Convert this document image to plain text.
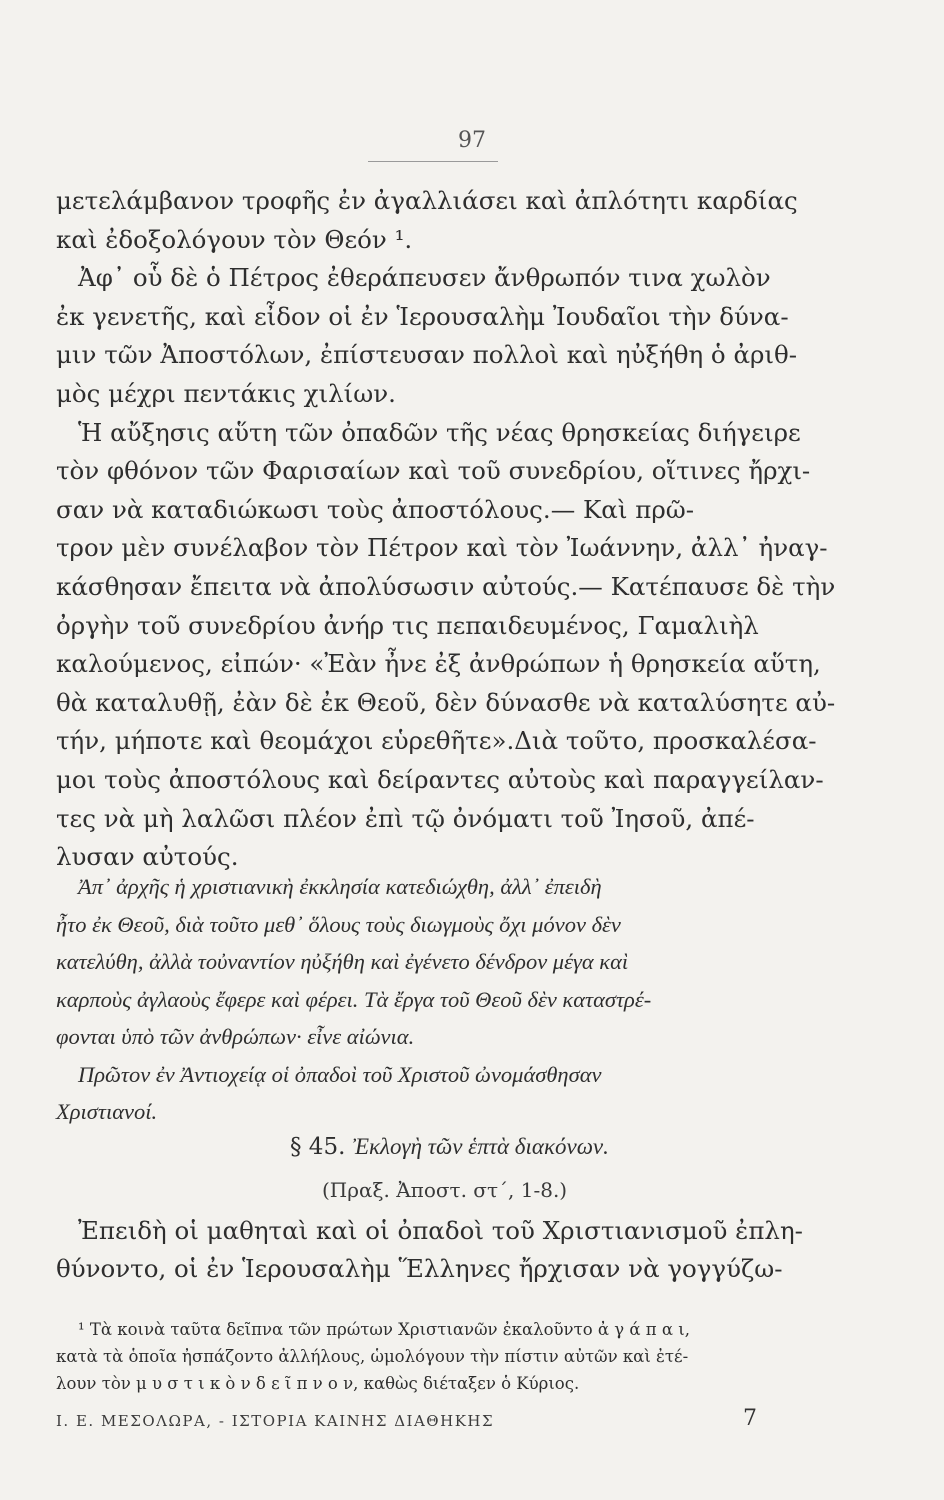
97
μετελάμβανον τροφῆς ἐν ἀγαλλιάσει καὶ ἀπλότητι καρδίας
καὶ ἐδοξολόγουν τὸν Θεόν ¹.
Ἀφ᾽ οὗ δὲ ὁ Πέτρος ἐθεράπευσεν ἄνθρωπόν τινα χωλὸν
ἐκ γενετῆς, καὶ εἶδον οἱ ἐν Ἱερουσαλὴμ Ἰουδαῖοι τὴν δύνα-
μιν τῶν Ἀποστόλων, ἐπίστευσαν πολλοὶ καὶ ηὐξήθη ὁ ἀριθ-
μὸς μέχρι πεντάκις χιλίων.
Ἡ αὔξησις αὕτη τῶν ὀπαδῶν τῆς νέας θρησκείας διήγειρε
τὸν φθόνον τῶν Φαρισαίων καὶ τοῦ συνεδρίου, οἵτινες ἤρχι-
σαν νὰ καταδιώκωσι τοὺς ἀποστόλους.— Καὶ πρῶ-
τρον μὲν συνέλαβον τὸν Πέτρον καὶ τὸν Ἰωάννην, ἀλλ᾽ ἠναγ-
κάσθησαν ἔπειτα νὰ ἀπολύσωσιν αὐτούς.— Κατέπαυσε δὲ τὴν
ὀργὴν τοῦ συνεδρίου ἀνήρ τις πεπαιδευμένος, Γαμαλιὴλ
καλούμενος, εἰπών· «Ἐὰν ἦνε ἐξ ἀνθρώπων ἡ θρησκεία αὕτη,
θὰ καταλυθῇ, ἐὰν δὲ ἐκ Θεοῦ, δὲν δύνασθε νὰ καταλύσητε αὐ-
τήν, μήποτε καὶ θεομάχοι εὑρεθῆτε».Διὰ τοῦτο, προσκαλέσα-
μοι τοὺς ἀποστόλους καὶ δείραντες αὐτοὺς καὶ παραγγείλαν-
τες νὰ μὴ λαλῶσι πλέον ἐπὶ τῷ ὀνόματι τοῦ Ἰησοῦ, ἀπέ-
λυσαν αὐτούς.
Ἀπ᾽ ἀρχῆς ἡ χριστιανικὴ ἐκκλησία κατεδιώχθη, ἀλλ᾽ ἐπειδὴ
ἦτο ἐκ Θεοῦ, διὰ τοῦτο μεθ᾽ ὅλους τοὺς διωγμοὺς ὄχι μόνον δὲν
κατελύθη, ἀλλὰ τοὐναντίον ηὐξήθη καὶ ἐγένετο δένδρον μέγα καὶ
καρποὺς ἀγλαοὺς ἔφερε καὶ φέρει. Τὰ ἔργα τοῦ Θεοῦ δὲν καταστρέ-
φονται ὑπὸ τῶν ἀνθρώπων· εἶνε αἰώνια.
Πρῶτον ἐν Ἀντιοχείᾳ οἱ ὀπαδοὶ τοῦ Χριστοῦ ὠνομάσθησαν
Χριστιανοί.
§ 45. Ἐκλογὴ τῶν ἑπτὰ διακόνων.
(Πραξ. Ἀποστ. στ´, 1-8.)
Ἐπειδὴ οἱ μαθηταὶ καὶ οἱ ὀπαδοὶ τοῦ Χριστιανισμοῦ ἐπλη-
θύνοντο, οἱ ἐν Ἱερουσαλὴμ Ἕλληνες ἤρχισαν νὰ γογγύζω-
¹ Τὰ κοινὰ ταῦτα δεῖπνα τῶν πρώτων Χριστιανῶν ἐκαλοῦντο ἀ γ ά π α ι,
κατὰ τὰ ὁποῖα ἠσπάζοντο ἀλλήλους, ὡμολόγουν τὴν πίστιν αὐτῶν καὶ ἐτέ-
λουν τὸν μ υ σ τ ι κ ὸ ν δ ε ῖ π ν ο ν, καθὼς διέταξεν ὁ Κύριος.
Ι. Ε. ΜΕΣΟΛΩΡΑ, - ΙΣΤΟΡΙΑ ΚΑΙΝΗΣ ΔΙΑΘΗΚΗΣ	7
